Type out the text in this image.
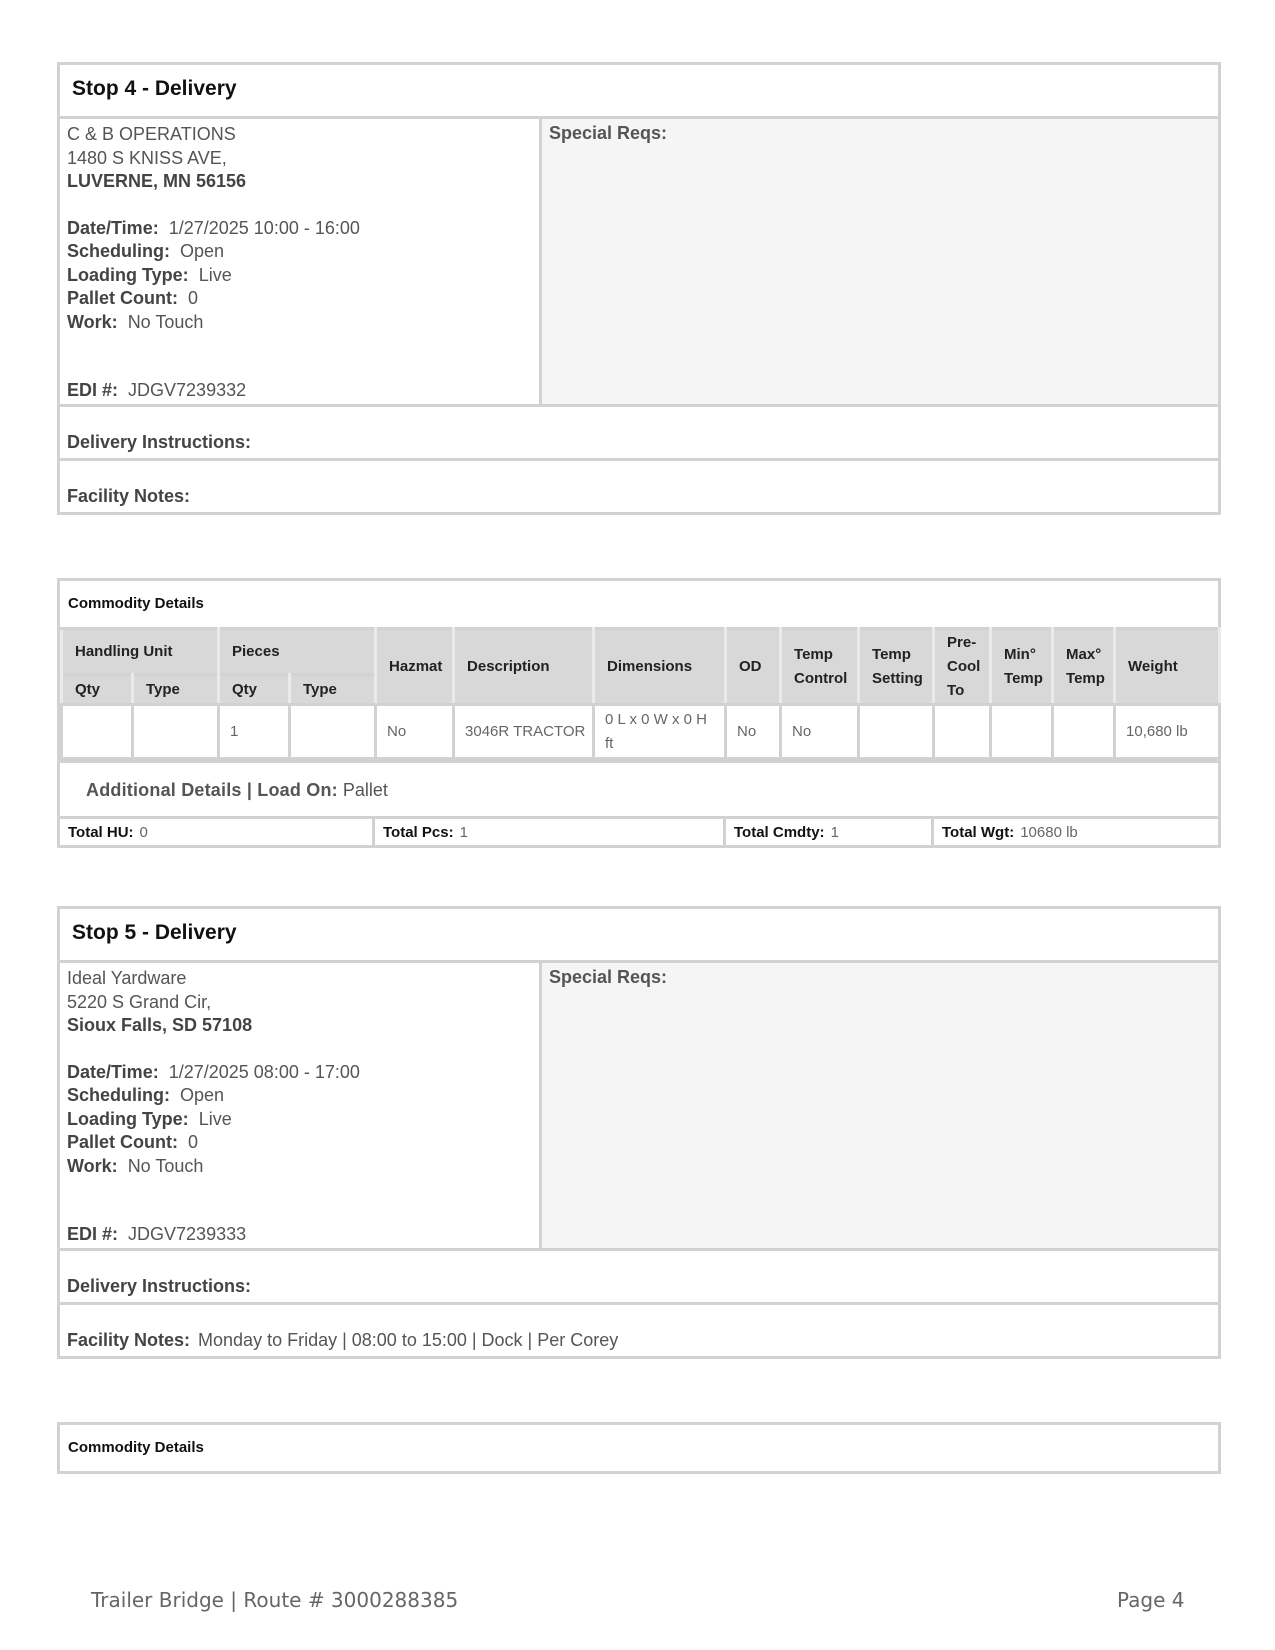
Stop 4 - Delivery
C & B OPERATIONS
1480 S KNISS AVE,
LUVERNE, MN 56156
Date/Time: 1/27/2025 10:00 - 16:00
Scheduling: Open
Loading Type: Live
Pallet Count: 0
Work: No Touch
EDI #: JDGV7239332
Special Reqs:
Delivery Instructions:
Facility Notes:
Commodity Details
Handling Unit		Pieces		Hazmat	Description	Dimensions	OD	Temp Control	Temp Setting	Pre-Cool To	Min° Temp	Max° Temp	Weight
Qty	Type	Qty	Type										
		1		No	3046R TRACTOR	0 L x 0 W x 0 H ft	No	No					10,680 lb
Additional Details | Load On: Pallet
Total HU: 0	Total Pcs: 1	Total Cmdty: 1	Total Wgt: 10680 lb
Stop 5 - Delivery
Ideal Yardware
5220 S Grand Cir,
Sioux Falls, SD 57108
Date/Time: 1/27/2025 08:00 - 17:00
Scheduling: Open
Loading Type: Live
Pallet Count: 0
Work: No Touch
EDI #: JDGV7239333
Special Reqs:
Delivery Instructions:
Facility Notes: Monday to Friday | 08:00 to 15:00 | Dock | Per Corey
Commodity Details
Trailer Bridge | Route # 3000288385	Page 4
